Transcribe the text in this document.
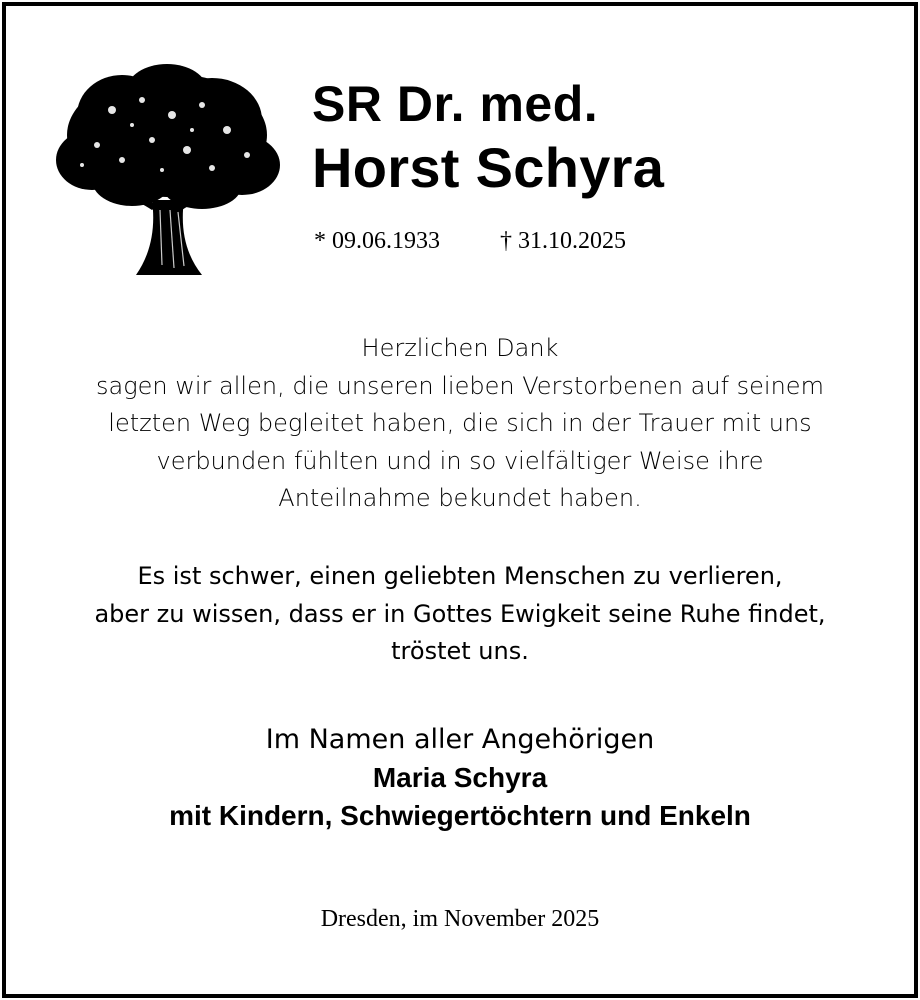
SR Dr. med.
Horst Schyra
* 09.06.1933	† 31.10.2025
Herzlichen Dank
sagen wir allen, die unseren lieben Verstorbenen auf seinem
letzten Weg begleitet haben, die sich in der Trauer mit uns
verbunden fühlten und in so vielfältiger Weise ihre
Anteilnahme bekundet haben.
Es ist schwer, einen geliebten Menschen zu verlieren,
aber zu wissen, dass er in Gottes Ewigkeit seine Ruhe findet,
tröstet uns.
Im Namen aller Angehörigen
Maria Schyra
mit Kindern, Schwiegertöchtern und Enkeln
Dresden, im November 2025
